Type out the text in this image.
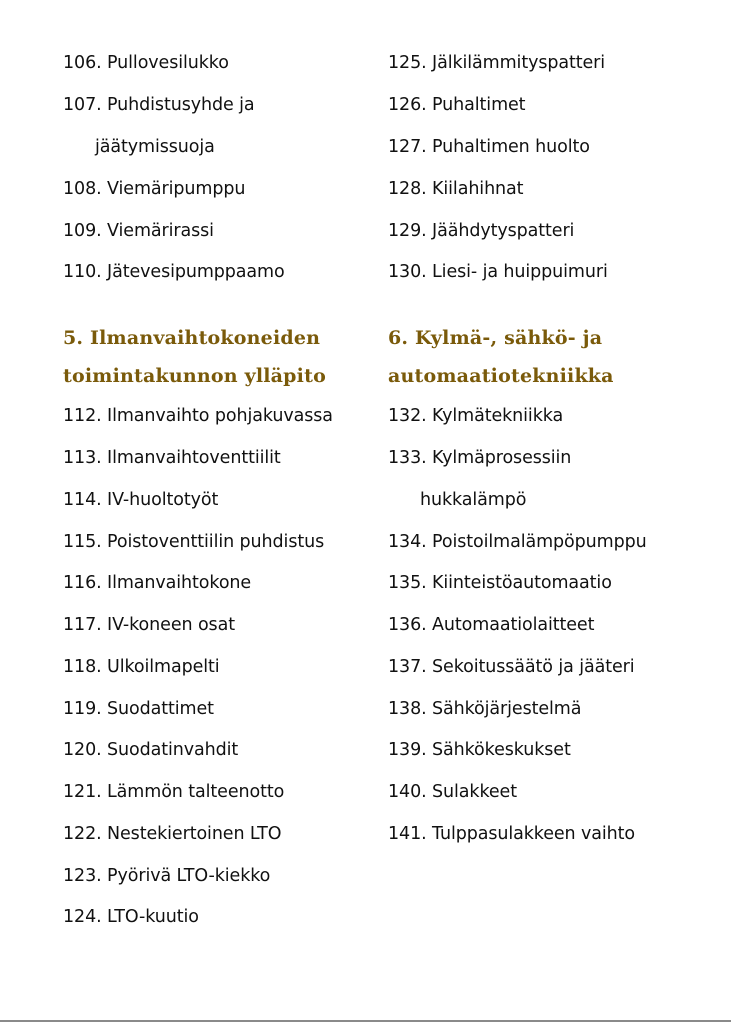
106. Pullovesilukko
107. Puhdistusyhde ja
jäätymissuoja
108. Viemäripumppu
109. Viemärirassi
110. Jätevesipumppaamo
5. Ilmanvaihtokoneiden
toimintakunnon ylläpito
112. Ilmanvaihto pohjakuvassa
113. Ilmanvaihtoventtiilit
114. IV-huoltotyöt
115. Poistoventtiilin puhdistus
116. Ilmanvaihtokone
117. IV-koneen osat
118. Ulkoilmapelti
119. Suodattimet
120. Suodatinvahdit
121. Lämmön talteenotto
122. Nestekiertoinen LTO
123. Pyörivä LTO-kiekko
124. LTO-kuutio
125. Jälkilämmityspatteri
126. Puhaltimet
127. Puhaltimen huolto
128. Kiilahihnat
129. Jäähdytyspatteri
130. Liesi- ja huippuimuri
6. Kylmä-, sähkö- ja
automaatiotekniikka
132. Kylmätekniikka
133. Kylmäprosessiin
hukkalämpö
134. Poistoilmalämpöpumppu
135. Kiinteistöautomaatio
136. Automaatiolaitteet
137. Sekoitussäätö ja jääteri
138. Sähköjärjestelmä
139. Sähkökeskukset
140. Sulakkeet
141. Tulppasulakkeen vaihto
